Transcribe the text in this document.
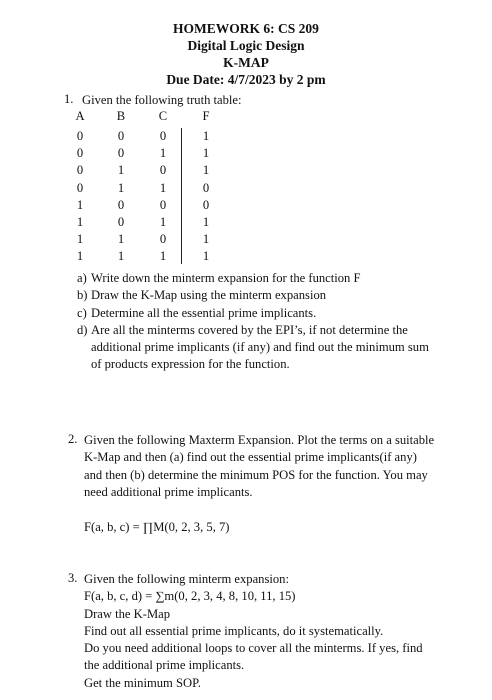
HOMEWORK 6: CS 209
Digital Logic Design
K-MAP
Due Date: 4/7/2023 by 2 pm
1. Given the following truth table:
A	B	C	F
0	0	0	1
0	0	1	1
0	1	0	1
0	1	1	0
1	0	0	0
1	0	1	1
1	1	0	1
1	1	1	1
a) Write down the minterm expansion for the function F
b) Draw the K-Map using the minterm expansion
c) Determine all the essential prime implicants.
d) Are all the minterms covered by the EPI’s, if not determine the additional prime implicants (if any) and find out the minimum sum of products expression for the function.
2. Given the following Maxterm Expansion. Plot the terms on a suitable K-Map and then (a) find out the essential prime implicants(if any) and then (b) determine the minimum POS for the function. You may need additional prime implicants.
F(a, b, c) = ∏M(0, 2, 3, 5, 7)
3. Given the following minterm expansion:
F(a, b, c, d) = ∑m(0, 2, 3, 4, 8, 10, 11, 15)
Draw the K-Map
Find out all essential prime implicants, do it systematically.
Do you need additional loops to cover all the minterms. If yes, find the additional prime implicants.
Get the minimum SOP.
